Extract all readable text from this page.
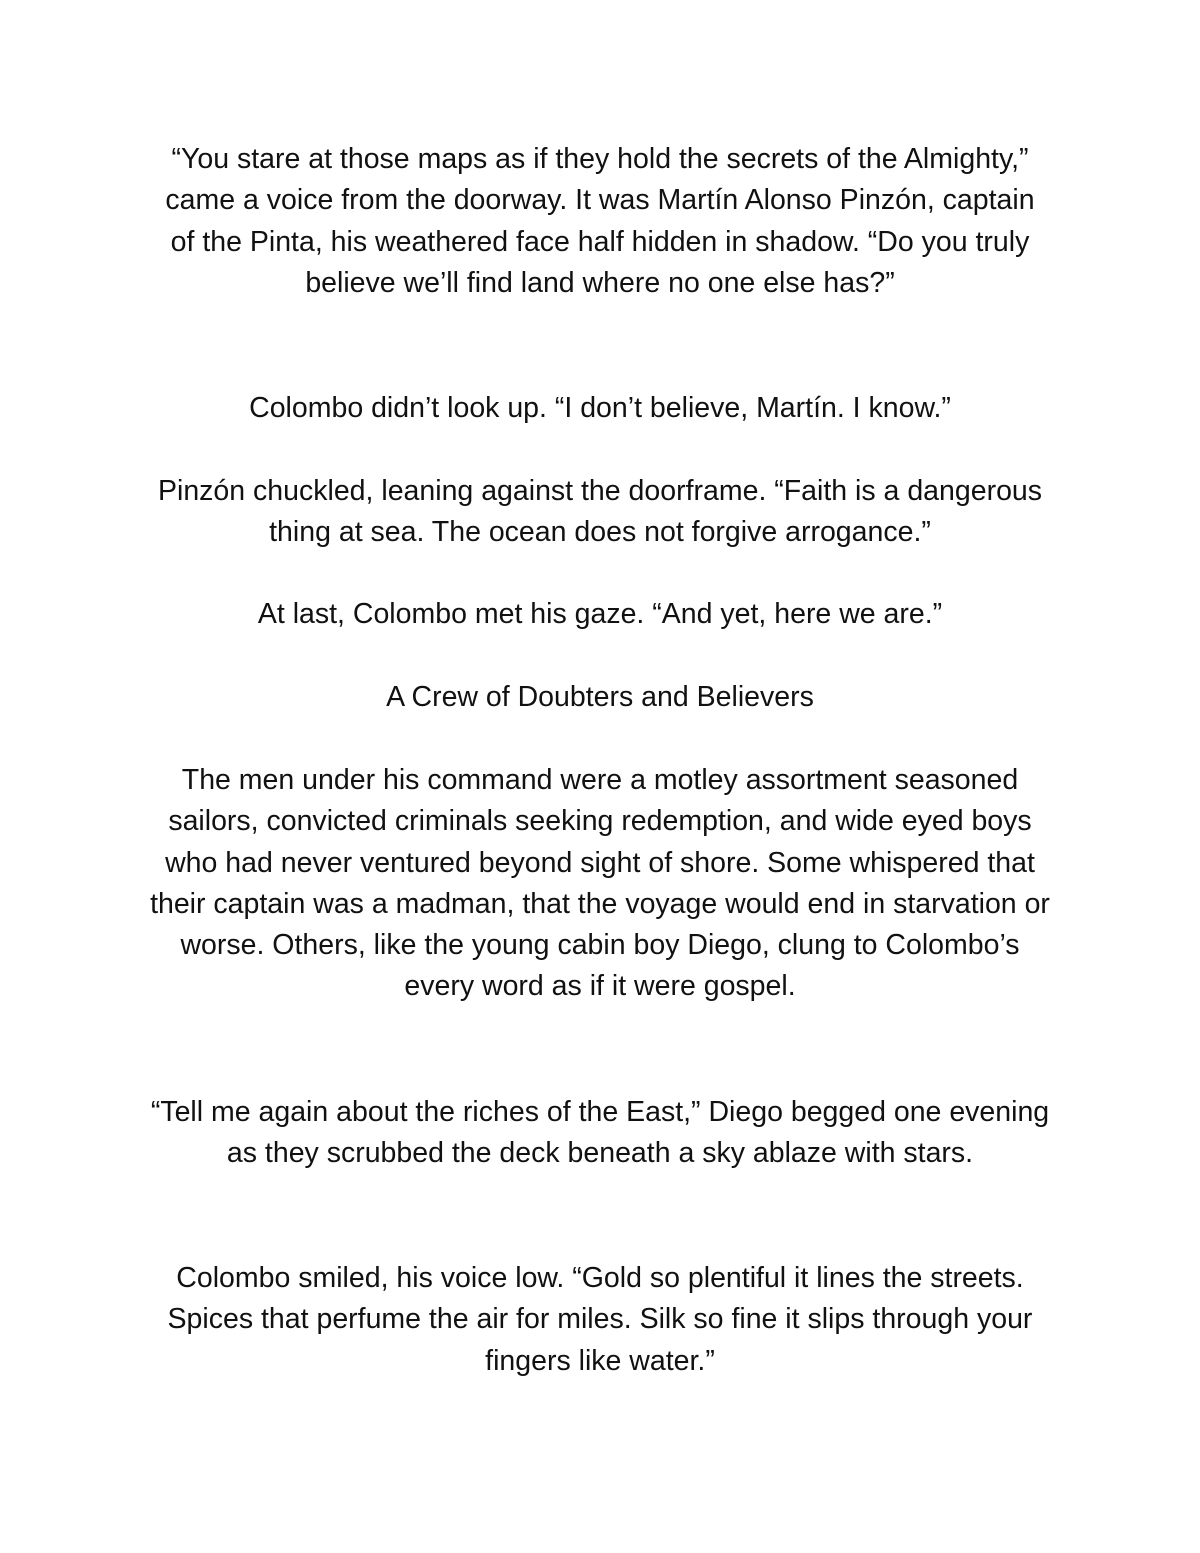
“You stare at those maps as if they hold the secrets of the Almighty,” came a voice from the doorway. It was Martín Alonso Pinzón, captain of the Pinta, his weathered face half hidden in shadow. “Do you truly believe we’ll find land where no one else has?”

Colombo didn’t look up. “I don’t believe, Martín. I know.”

Pinzón chuckled, leaning against the doorframe. “Faith is a dangerous thing at sea. The ocean does not forgive arrogance.”

At last, Colombo met his gaze. “And yet, here we are.”

A Crew of Doubters and Believers

The men under his command were a motley assortment seasoned sailors, convicted criminals seeking redemption, and wide eyed boys who had never ventured beyond sight of shore. Some whispered that their captain was a madman, that the voyage would end in starvation or worse. Others, like the young cabin boy Diego, clung to Colombo’s every word as if it were gospel.

“Tell me again about the riches of the East,” Diego begged one evening as they scrubbed the deck beneath a sky ablaze with stars.

Colombo smiled, his voice low. “Gold so plentiful it lines the streets. Spices that perfume the air for miles. Silk so fine it slips through your fingers like water.”
